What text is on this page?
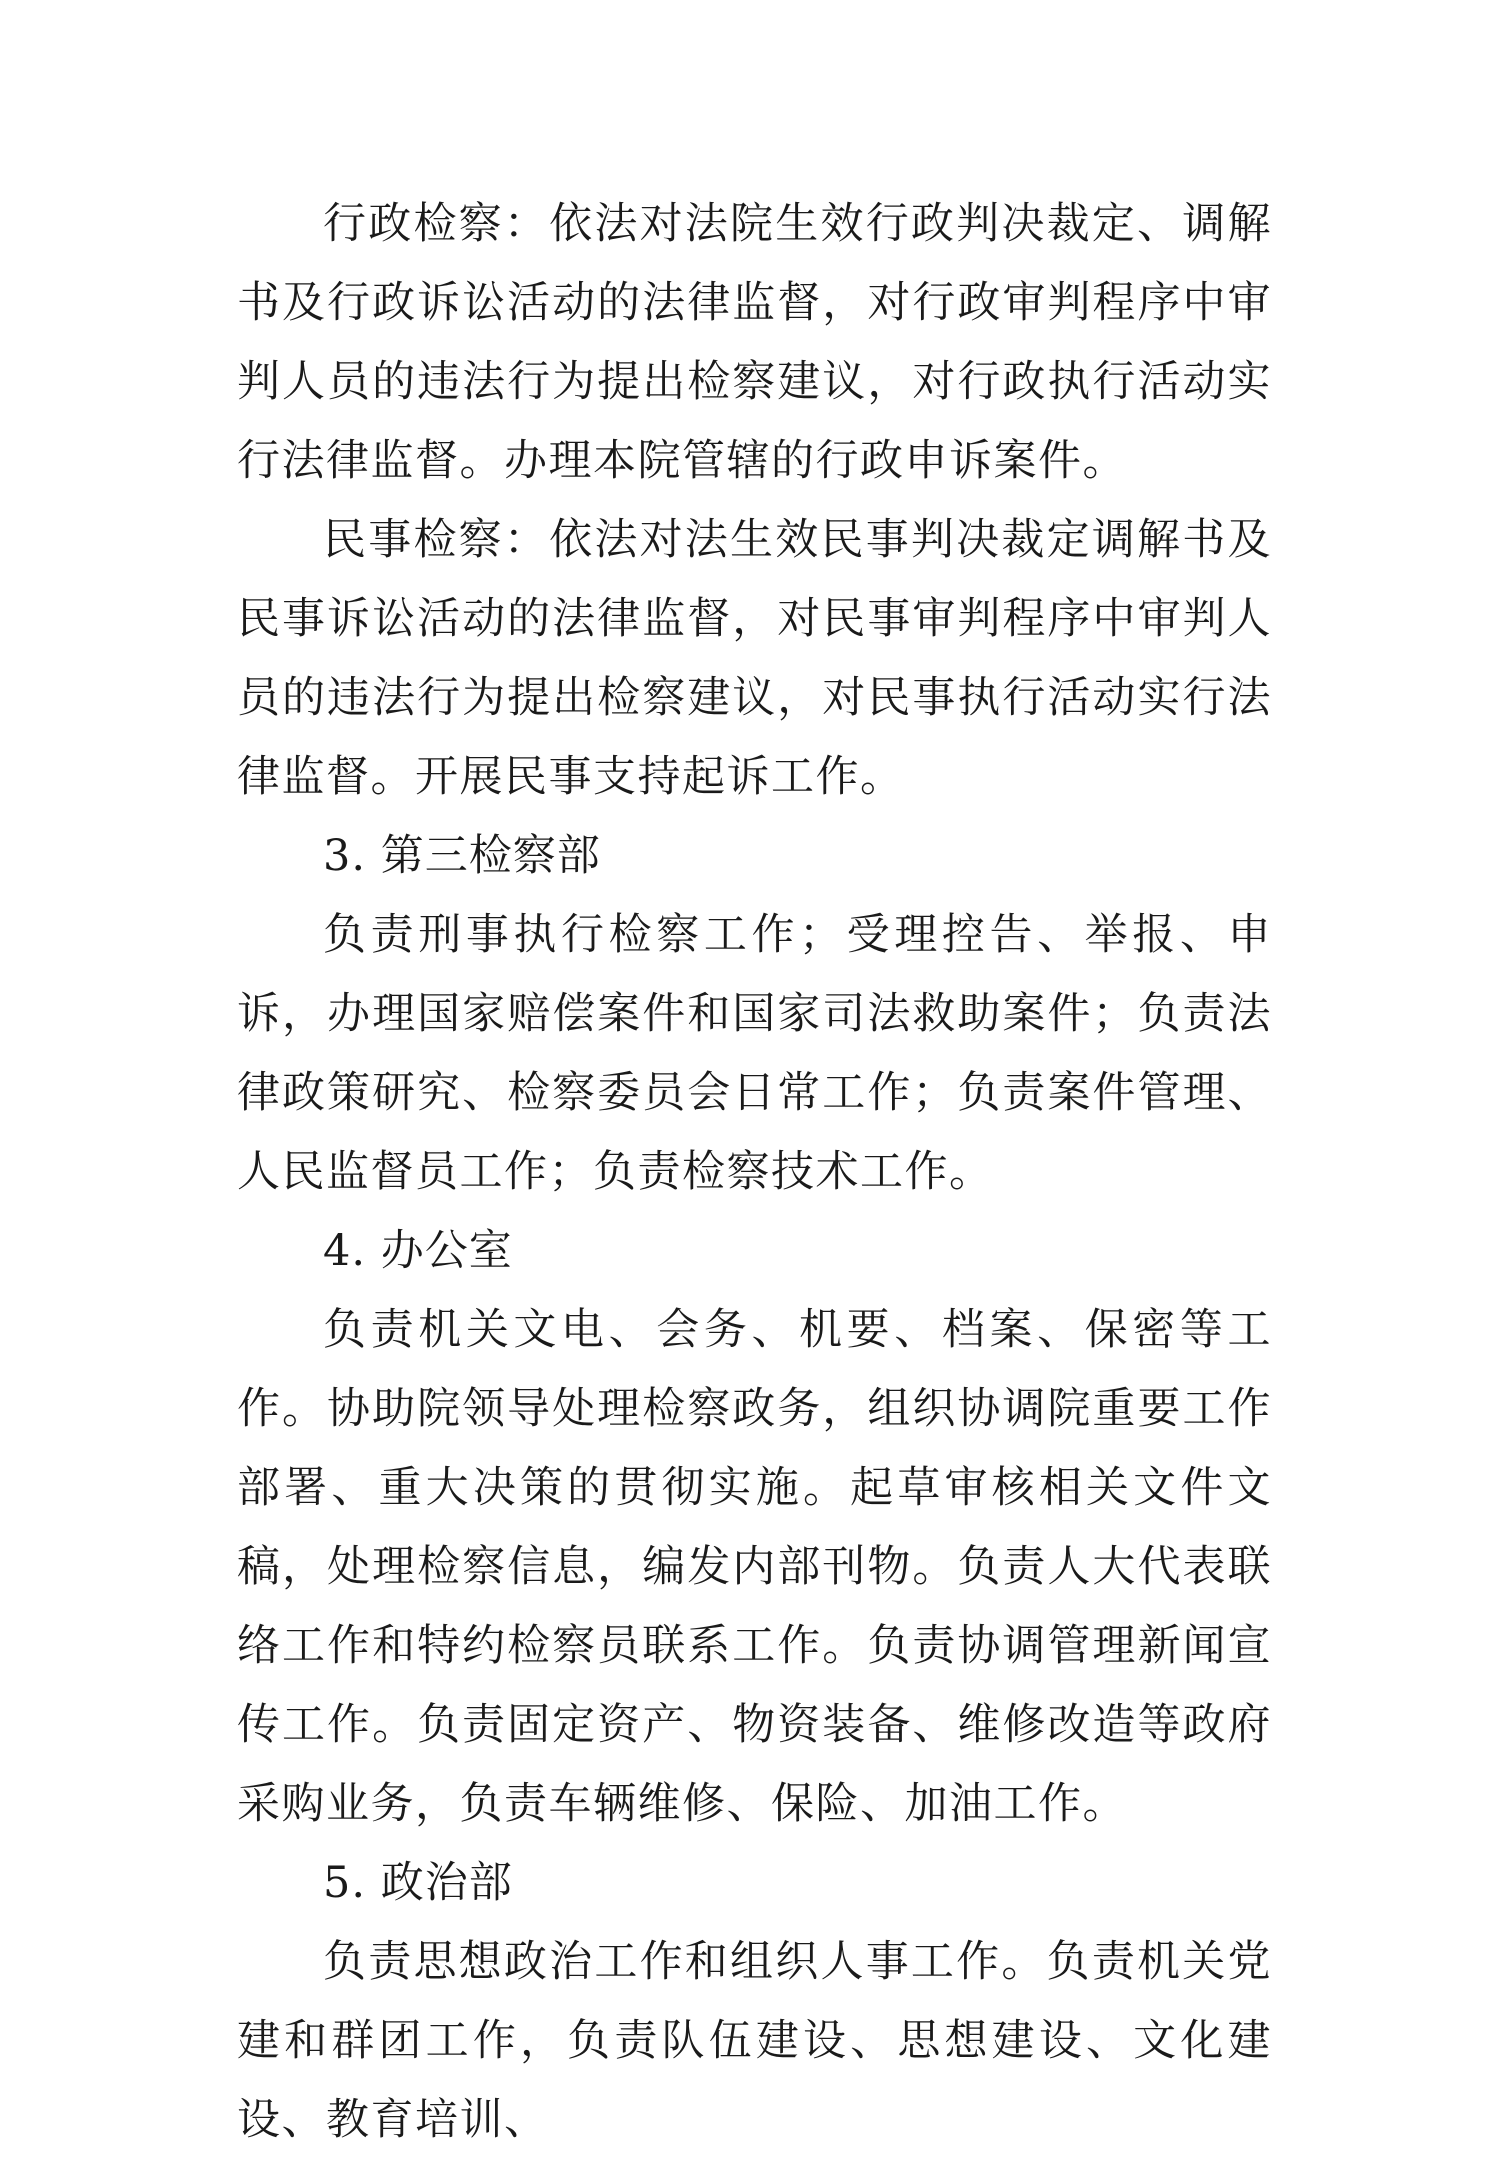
行政检察：依法对法院生效行政判决裁定、调解书及行政诉讼活动的法律监督，对行政审判程序中审判人员的违法行为提出检察建议，对行政执行活动实行法律监督。办理本院管辖的行政申诉案件。

民事检察：依法对法生效民事判决裁定调解书及民事诉讼活动的法律监督，对民事审判程序中审判人员的违法行为提出检察建议，对民事执行活动实行法律监督。开展民事支持起诉工作。

3. 第三检察部

负责刑事执行检察工作；受理控告、举报、申诉，办理国家赔偿案件和国家司法救助案件；负责法律政策研究、检察委员会日常工作；负责案件管理、人民监督员工作；负责检察技术工作。

4. 办公室

负责机关文电、会务、机要、档案、保密等工作。协助院领导处理检察政务，组织协调院重要工作部署、重大决策的贯彻实施。起草审核相关文件文稿，处理检察信息，编发内部刊物。负责人大代表联络工作和特约检察员联系工作。负责协调管理新闻宣传工作。负责固定资产、物资装备、维修改造等政府采购业务，负责车辆维修、保险、加油工作。

5. 政治部

负责思想政治工作和组织人事工作。负责机关党建和群团工作，负责队伍建设、思想建设、文化建设、教育培训、
